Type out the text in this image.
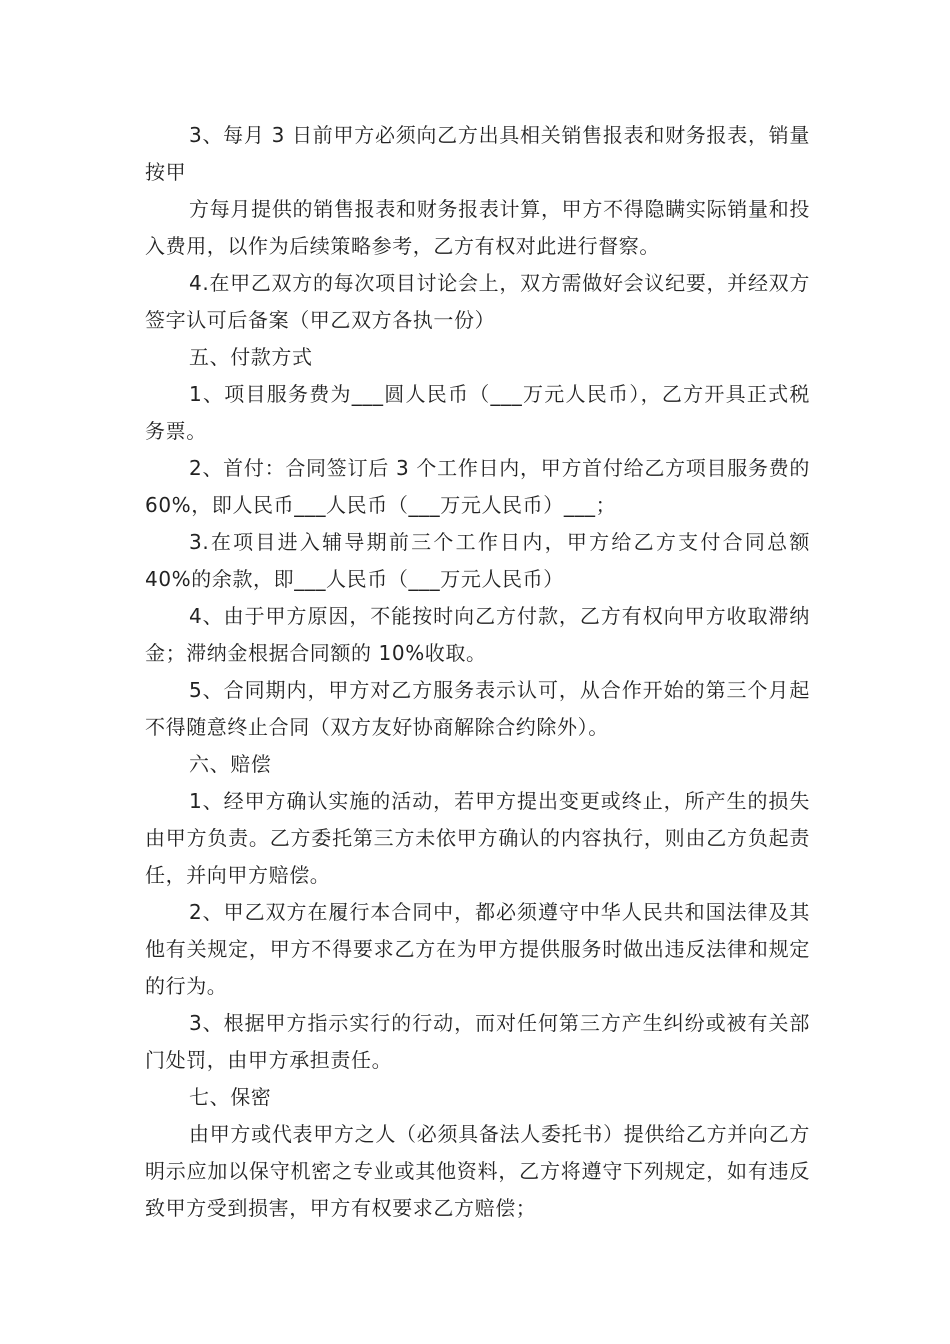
3、每月 3 日前甲方必须向乙方出具相关销售报表和财务报表，销量按甲

方每月提供的销售报表和财务报表计算，甲方不得隐瞒实际销量和投入费用，以作为后续策略参考，乙方有权对此进行督察。

4.在甲乙双方的每次项目讨论会上，双方需做好会议纪要，并经双方签字认可后备案（甲乙双方各执一份）

五、付款方式

1、项目服务费为___圆人民币（___万元人民币），乙方开具正式税务票。

2、首付：合同签订后 3 个工作日内，甲方首付给乙方项目服务费的 60%，即人民币___人民币（___万元人民币）___；

3.在项目进入辅导期前三个工作日内，甲方给乙方支付合同总额 40%的余款，即___人民币（___万元人民币）

4、由于甲方原因，不能按时向乙方付款，乙方有权向甲方收取滞纳金；滞纳金根据合同额的 10%收取。

5、合同期内，甲方对乙方服务表示认可，从合作开始的第三个月起不得随意终止合同（双方友好协商解除合约除外）。

六、赔偿

1、经甲方确认实施的活动，若甲方提出变更或终止，所产生的损失由甲方负责。乙方委托第三方未依甲方确认的内容执行，则由乙方负起责任，并向甲方赔偿。

2、甲乙双方在履行本合同中，都必须遵守中华人民共和国法律及其他有关规定，甲方不得要求乙方在为甲方提供服务时做出违反法律和规定的行为。

3、根据甲方指示实行的行动，而对任何第三方产生纠纷或被有关部门处罚，由甲方承担责任。

七、保密

由甲方或代表甲方之人（必须具备法人委托书）提供给乙方并向乙方明示应加以保守机密之专业或其他资料，乙方将遵守下列规定，如有违反致甲方受到损害，甲方有权要求乙方赔偿；
